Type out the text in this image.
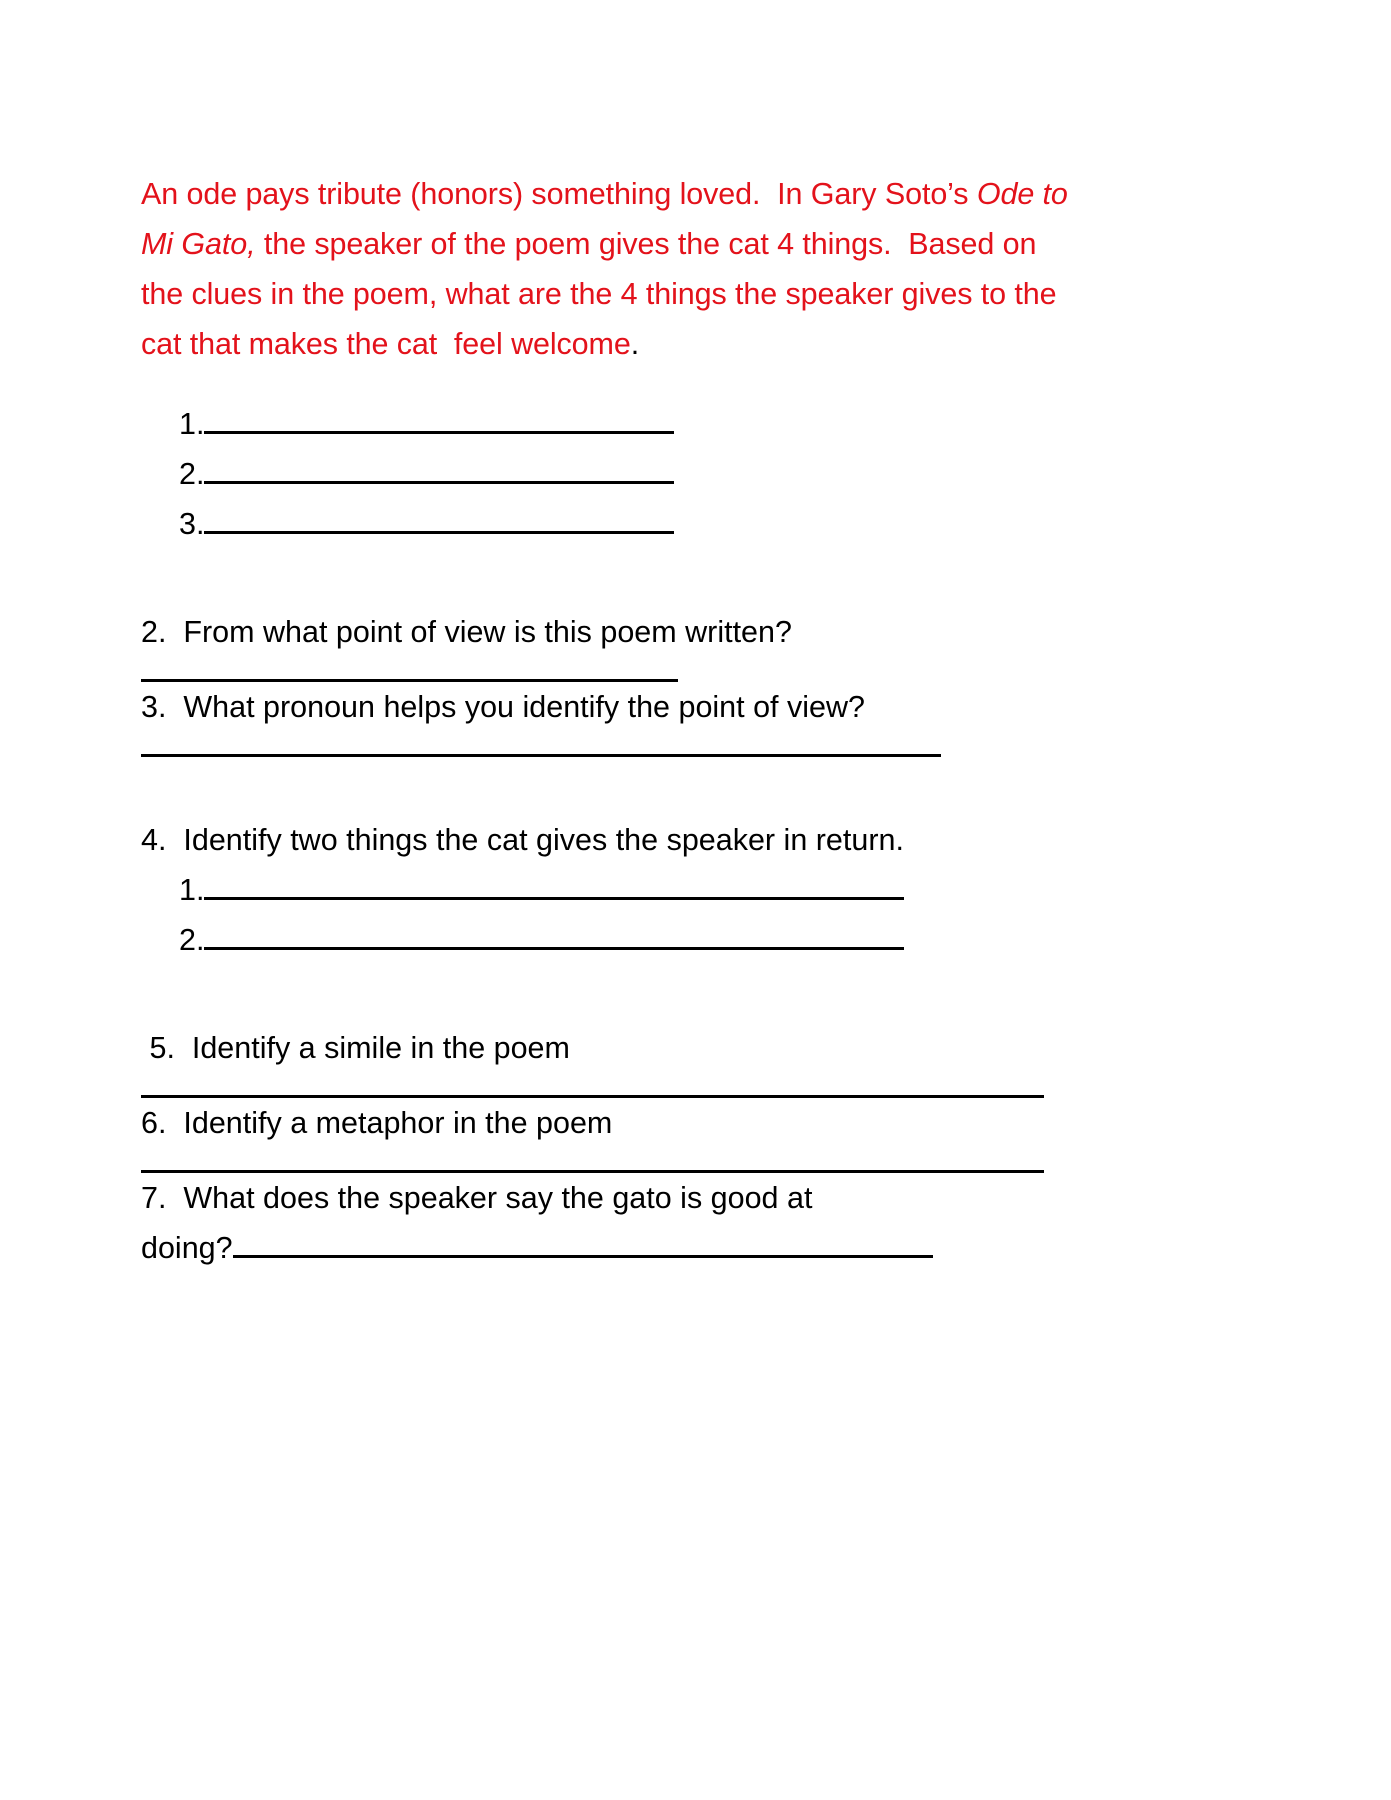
An ode pays tribute (honors) something loved.  In Gary Soto’s Ode to Mi Gato, the speaker of the poem gives the cat 4 things.  Based on the clues in the poem, what are the 4 things the speaker gives to the cat that makes the cat  feel welcome.

1.
2.
3.
2.
From what point of view is this poem written?
3.
What pronoun helps you identify the point of view?
4.
Identify two things the cat gives the speaker in return.
1.
2.

5.
Identify a simile in the poem
6.
Identify a metaphor in the poem
7.
What does the speaker say the gato is good at
doing?
